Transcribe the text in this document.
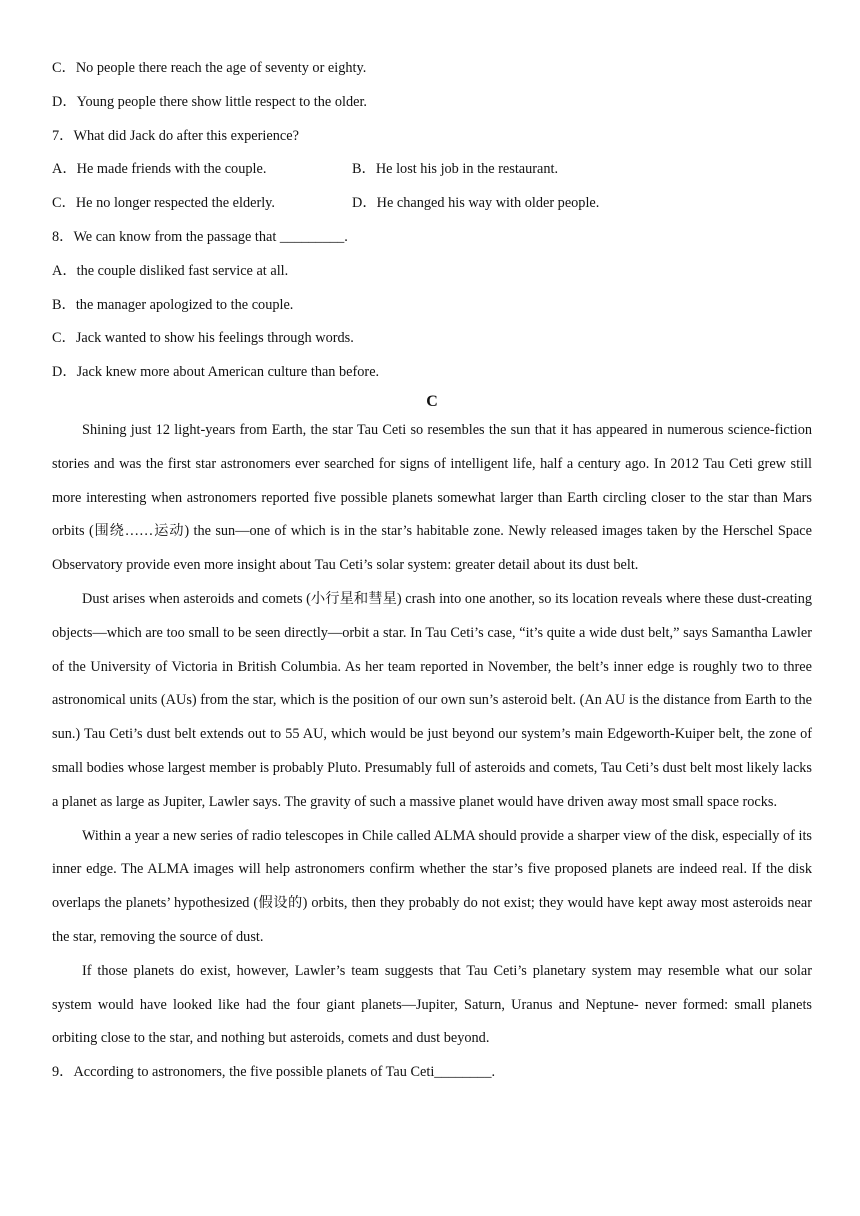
C．No people there reach the age of seventy or eighty.
D．Young people there show little respect to the older.
7．What did Jack do after this experience?
A．He made friends with the couple.	B．He lost his job in the restaurant.
C．He no longer respected the elderly.	D．He changed his way with older people.
8．We can know from the passage that _________.
A．the couple disliked fast service at all.
B．the manager apologized to the couple.
C．Jack wanted to show his feelings through words.
D．Jack knew more about American culture than before.
C

Shining just 12 light-years from Earth, the star Tau Ceti so resembles the sun that it has appeared in numerous science-fiction stories and was the first star astronomers ever searched for signs of intelligent life, half a century ago. In 2012 Tau Ceti grew still more interesting when astronomers reported five possible planets somewhat larger than Earth circling closer to the star than Mars orbits (围绕……运动) the sun—one of which is in the star’s habitable zone. Newly released images taken by the Herschel Space Observatory provide even more insight about Tau Ceti’s solar system: greater detail about its dust belt.

Dust arises when asteroids and comets (小行星和彗星) crash into one another, so its location reveals where these dust-creating objects—which are too small to be seen directly—orbit a star. In Tau Ceti’s case, “it’s quite a wide dust belt,” says Samantha Lawler of the University of Victoria in British Columbia. As her team reported in November, the belt’s inner edge is roughly two to three astronomical units (AUs) from the star, which is the position of our own sun’s asteroid belt. (An AU is the distance from Earth to the sun.) Tau Ceti’s dust belt extends out to 55 AU, which would be just beyond our system’s main Edgeworth-Kuiper belt, the zone of small bodies whose largest member is probably Pluto. Presumably full of asteroids and comets, Tau Ceti’s dust belt most likely lacks a planet as large as Jupiter, Lawler says. The gravity of such a massive planet would have driven away most small space rocks.

Within a year a new series of radio telescopes in Chile called ALMA should provide a sharper view of the disk, especially of its inner edge. The ALMA images will help astronomers confirm whether the star’s five proposed planets are indeed real. If the disk overlaps the planets’ hypothesized (假设的) orbits, then they probably do not exist; they would have kept away most asteroids near the star, removing the source of dust.

If those planets do exist, however, Lawler’s team suggests that Tau Ceti’s planetary system may resemble what our solar system would have looked like had the four giant planets—Jupiter, Saturn, Uranus and Neptune- never formed: small planets orbiting close to the star, and nothing but asteroids, comets and dust beyond.

9．According to astronomers, the five possible planets of Tau Ceti________.
